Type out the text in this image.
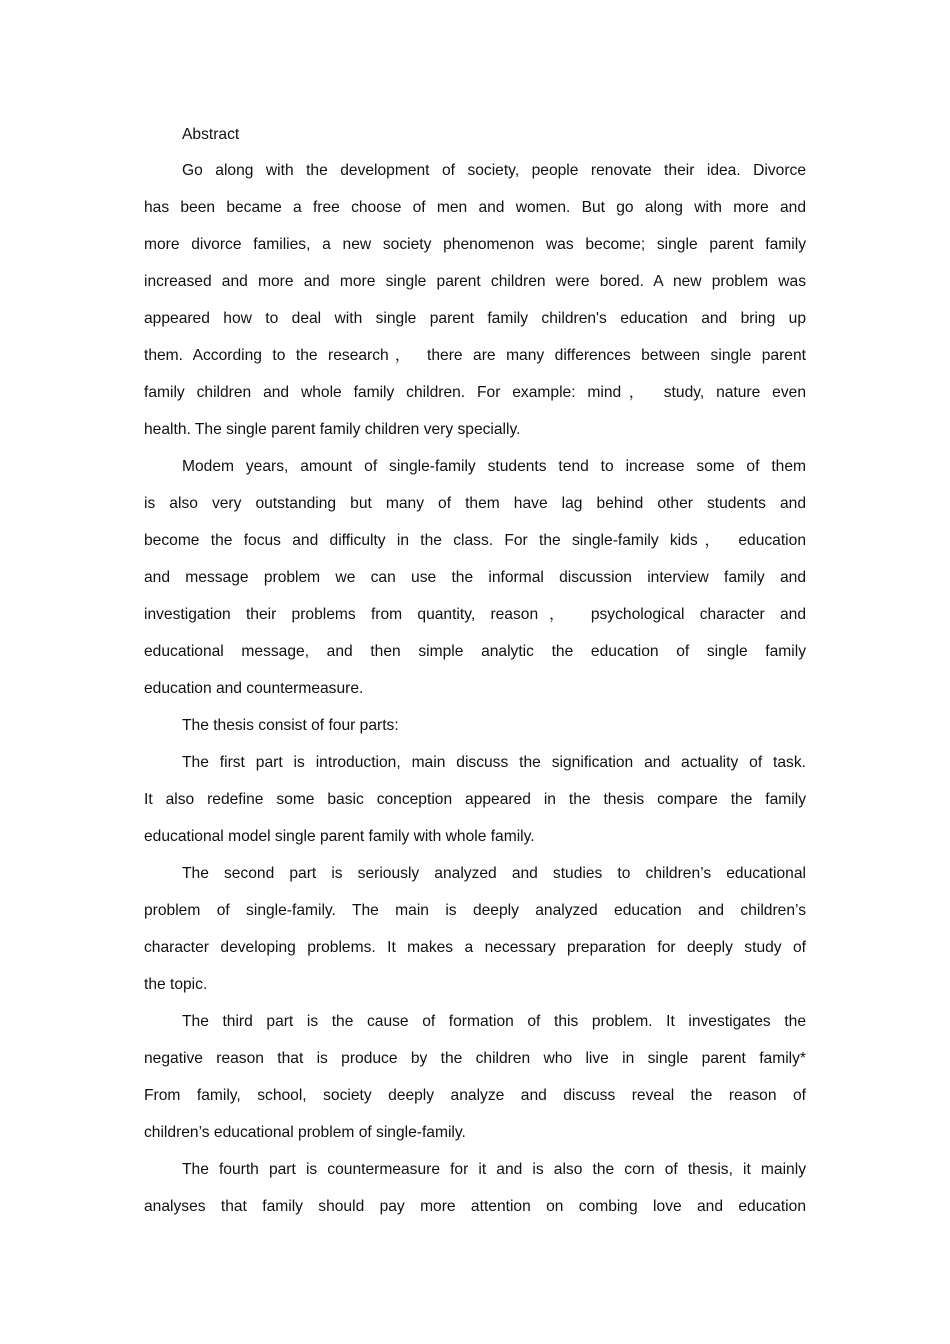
Abstract
Go along with the development of society, people renovate their idea. Divorce
has been became a free choose of men and women. But go along with more and
more divorce families, a new society phenomenon was become; single parent family
increased and more and more single parent children were bored. A new problem was
appeared how to deal with single parent family children's education and bring up
them. According to the research， there are many differences between single parent
family children and whole family children. For example: mind， study, nature even
health. The single parent family children very specially.
Modem years, amount of single-family students tend to increase some of them
is also very outstanding but many of them have lag behind other students and
become the focus and difficulty in the class. For the single-family kids， education
and message problem we can use the informal discussion interview family and
investigation their problems from quantity, reason， psychological character and
educational message, and then simple analytic the education of single family
education and countermeasure.
The thesis consist of four parts:
The first part is introduction, main discuss the signification and actuality of task.
It also redefine some basic conception appeared in the thesis compare the family
educational model single parent family with whole family.
The second part is seriously analyzed and studies to children’s educational
problem of single-family. The main is deeply analyzed education and children’s
character developing problems. It makes a necessary preparation for deeply study of
the topic.
The third part is the cause of formation of this problem. It investigates the
negative reason that is produce by the children who live in single parent family*
From family, school, society deeply analyze and discuss reveal the reason of
children’s educational problem of single-family.
The fourth part is countermeasure for it and is also the corn of thesis, it mainly
analyses that family should pay more attention on combing love and education
